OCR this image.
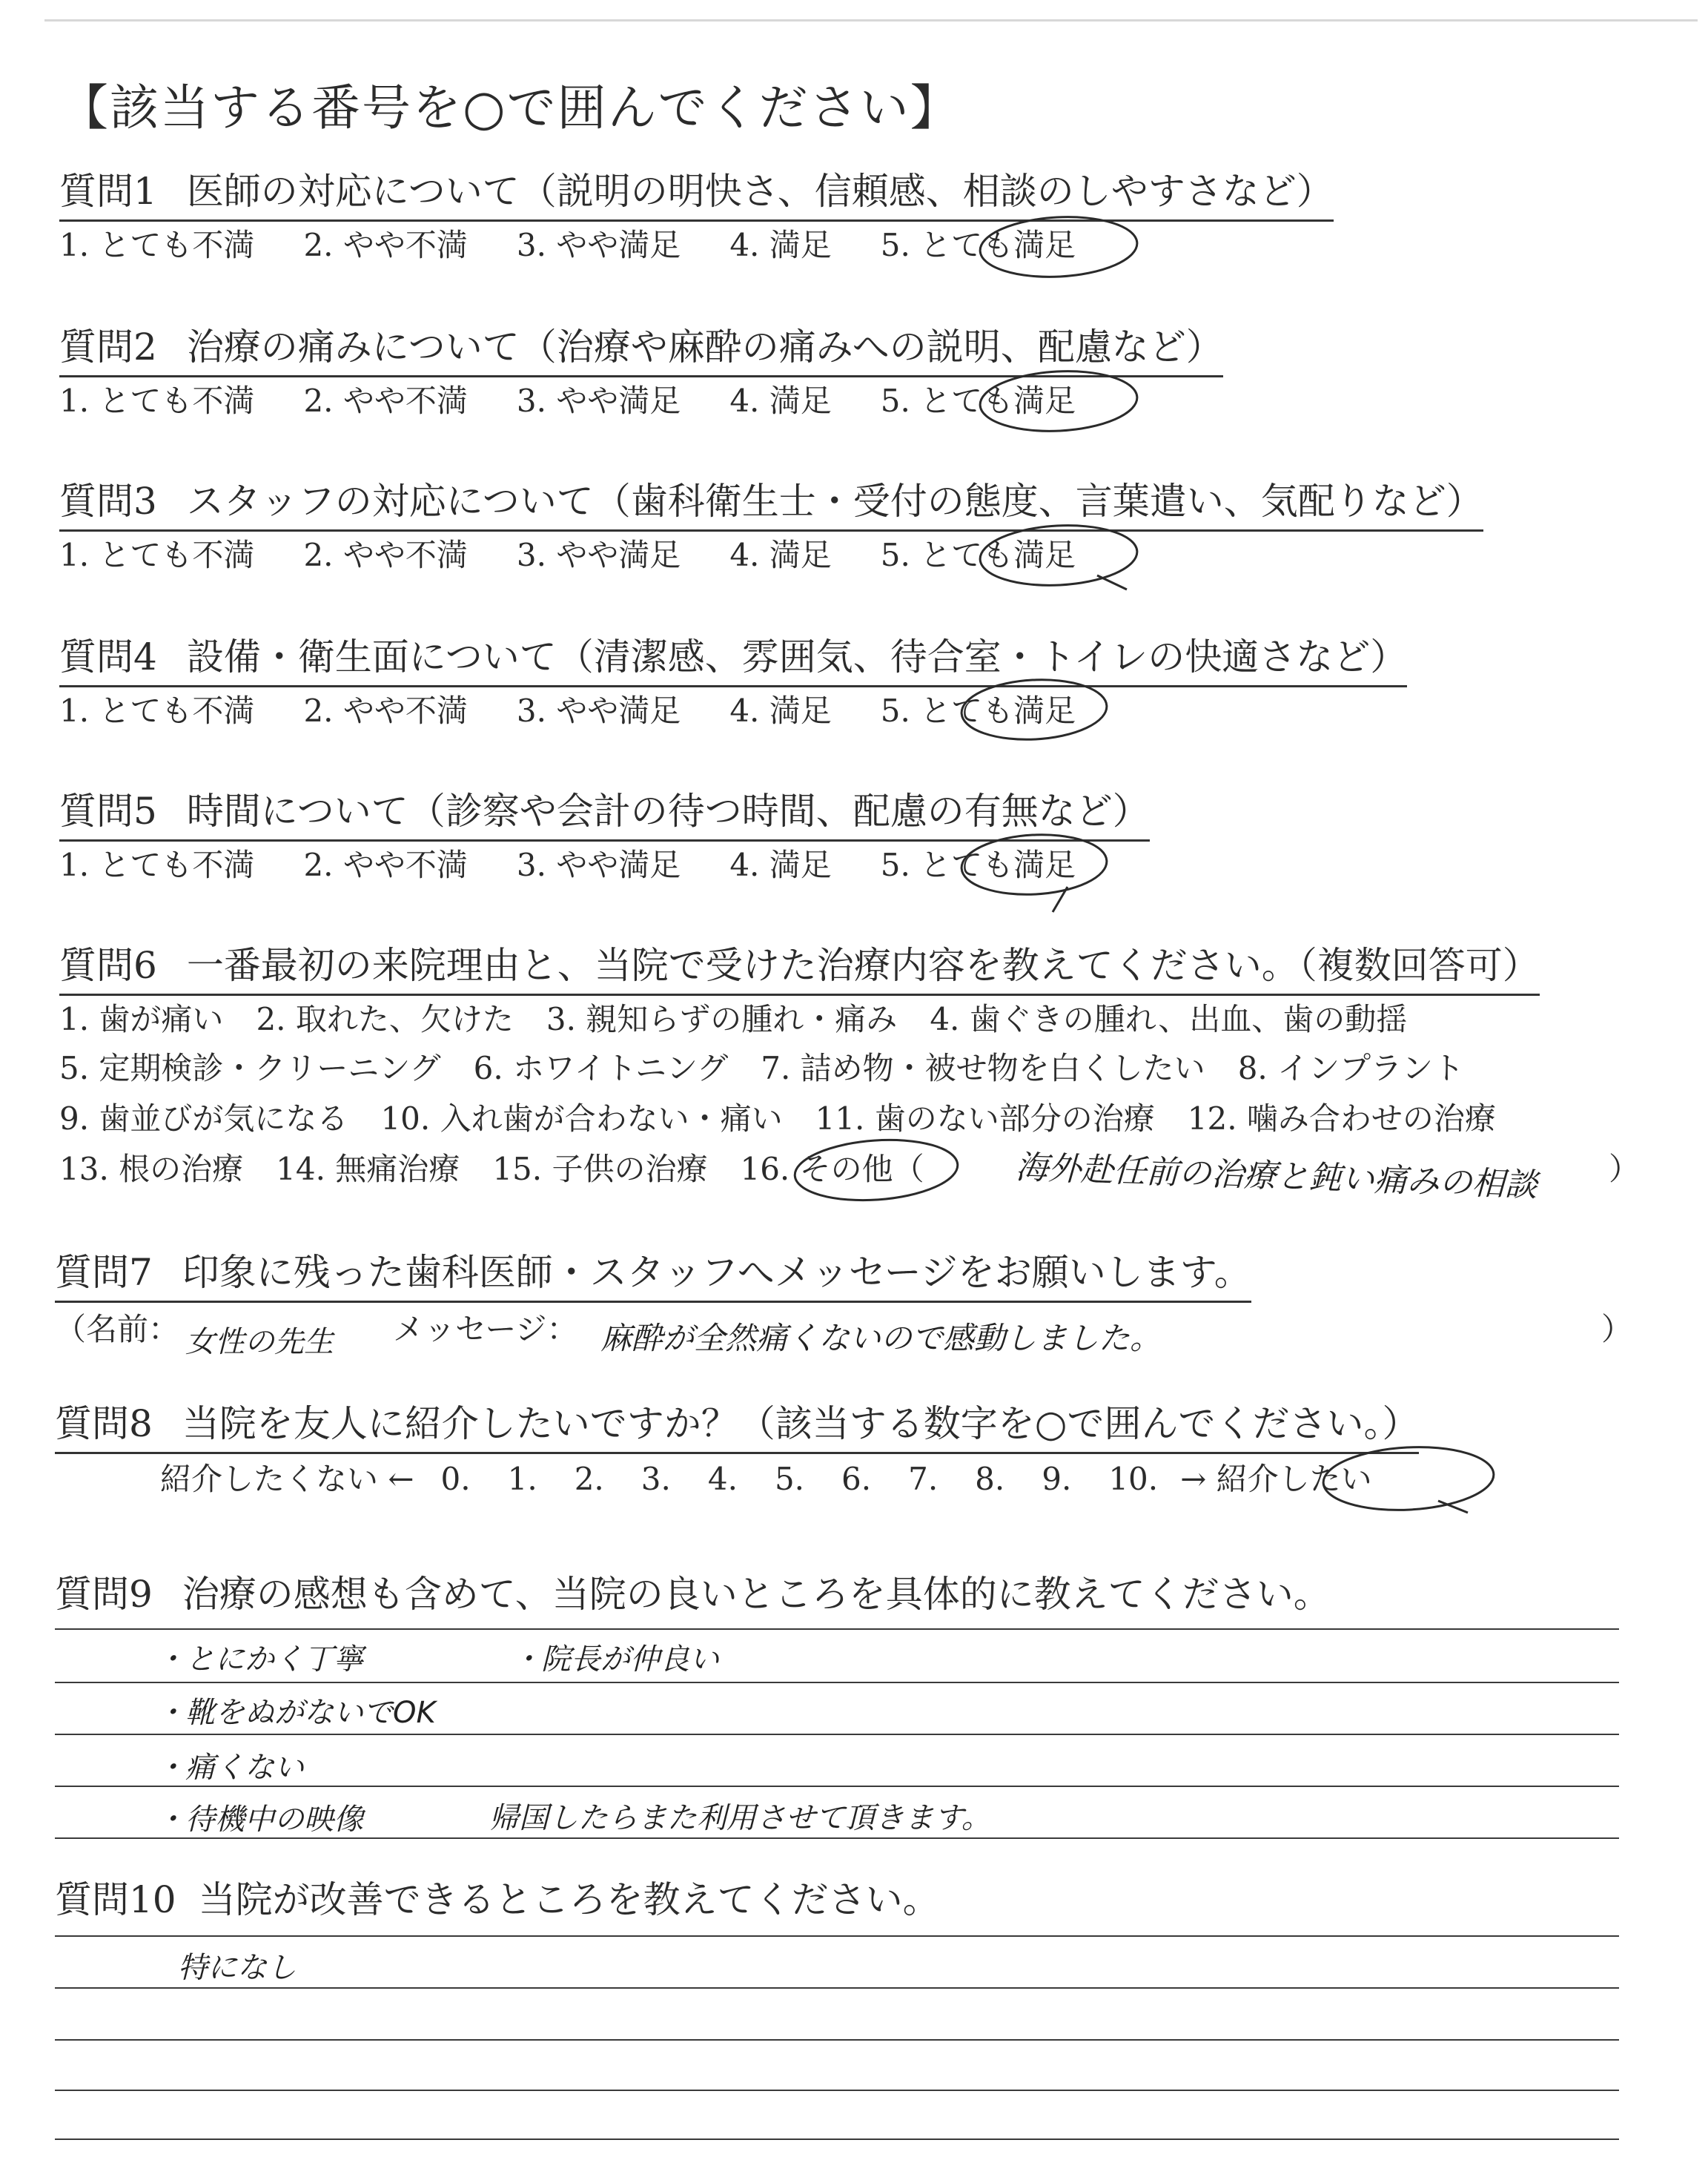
【該当する番号を○で囲んでください】
質問1 医師の対応について（説明の明快さ、信頼感、相談のしやすさなど）
1. とても不満 2. やや不満 3. やや満足 4. 満足 5. とても満足
質問2 治療の痛みについて（治療や麻酔の痛みへの説明、配慮など）
1. とても不満 2. やや不満 3. やや満足 4. 満足 5. とても満足
質問3 スタッフの対応について（歯科衛生士・受付の態度、言葉遣い、気配りなど）
1. とても不満 2. やや不満 3. やや満足 4. 満足 5. とても満足
質問4 設備・衛生面について（清潔感、雰囲気、待合室・トイレの快適さなど）
1. とても不満 2. やや不満 3. やや満足 4. 満足 5. とても満足
質問5 時間について（診察や会計の待つ時間、配慮の有無など）
1. とても不満 2. やや不満 3. やや満足 4. 満足 5. とても満足
質問6 一番最初の来院理由と、当院で受けた治療内容を教えてください。（複数回答可）
1. 歯が痛い 2. 取れた、欠けた 3. 親知らずの腫れ・痛み 4. 歯ぐきの腫れ、出血、歯の動揺
5. 定期検診・クリーニング 6. ホワイトニング 7. 詰め物・被せ物を白くしたい 8. インプラント
9. 歯並びが気になる 10. 入れ歯が合わない・痛い 11. 歯のない部分の治療 12. 噛み合わせの治療
13. 根の治療 14. 無痛治療 15. 子供の治療 16. その他（	海外赴任前の治療と鈍い痛みの相談 ）
質問7 印象に残った歯科医師・スタッフへメッセージをお願いします。
（名前： 女性の先生 メッセージ： 麻酔が全然痛くないので感動しました。	）
質問8 当院を友人に紹介したいですか？（該当する数字を○で囲んでください。）
紹介したくない ← 0. 1. 2. 3. 4. 5. 6. 7. 8. 9. 10. → 紹介したい
質問9 治療の感想も含めて、当院の良いところを具体的に教えてください。
・とにかく丁寧	・院長が仲良い
・靴をぬがないでOK
・痛くない
・待機中の映像	帰国したらまた利用させて頂きます。
質問10 当院が改善できるところを教えてください。
特になし
